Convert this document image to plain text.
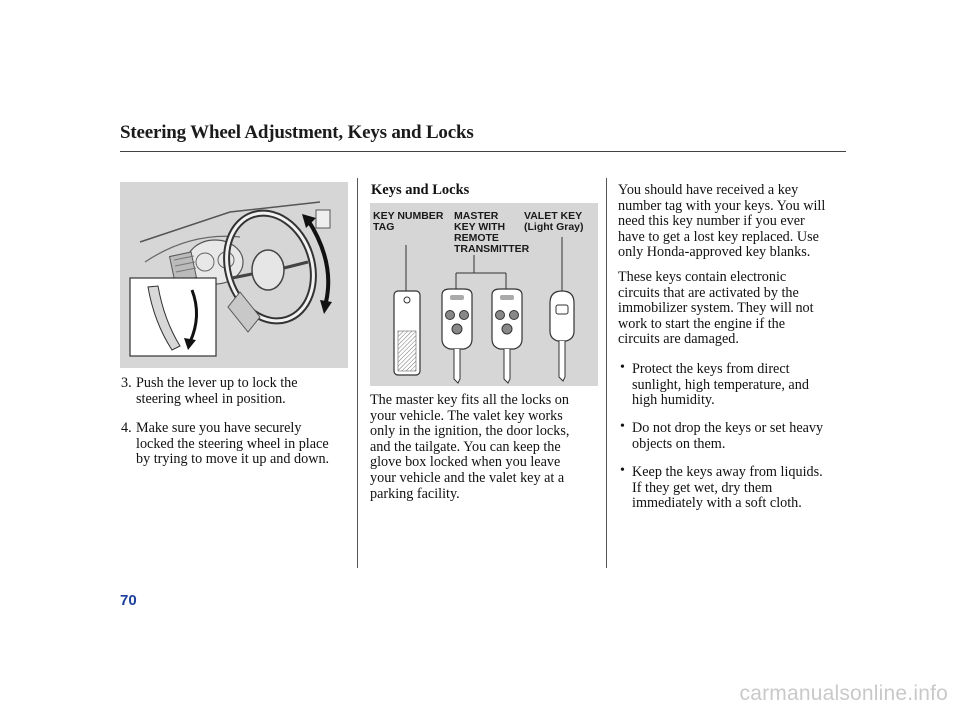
Steering Wheel Adjustment, Keys and Locks
3. Push the lever up to lock the
steering wheel in position.
4. Make sure you have securely
locked the steering wheel in place
by trying to move it up and down.
Keys and Locks
KEY NUMBER
TAG
MASTER
KEY WITH
REMOTE
TRANSMITTER
VALET KEY
(Light Gray)
The master key fits all the locks on
your vehicle. The valet key works
only in the ignition, the door locks,
and the tailgate. You can keep the
glove box locked when you leave
your vehicle and the valet key at a
parking facility.
You should have received a key
number tag with your keys. You will
need this key number if you ever
have to get a lost key replaced. Use
only Honda-approved key blanks.
These keys contain electronic
circuits that are activated by the
immobilizer system. They will not
work to start the engine if the
circuits are damaged.
• Protect the keys from direct
sunlight, high temperature, and
high humidity.
• Do not drop the keys or set heavy
objects on them.
• Keep the keys away from liquids.
If they get wet, dry them
immediately with a soft cloth.
70
carmanualsonline.info
